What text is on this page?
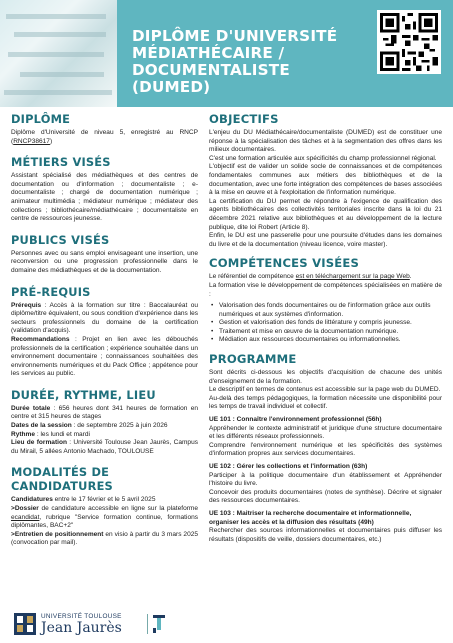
DIPLÔME D'UNIVERSITÉ MÉDIATHÉCAIRE / DOCUMENTALISTE (DUMED)
DIPLÔME

Diplôme d'Université de niveau 5, enregistré au RNCP (RNCP38617)

MÉTIERS VISÉS

Assistant spécialisé des médiathèques et des centres de documentation ou d'information ; documentaliste ; e-documentaliste ; chargé de documentation numérique ; animateur multimédia ; médiateur numérique ; médiateur des collections ; bibliothécaire/médiathécaire ; documentaliste en centre de ressources jeunesse.

PUBLICS VISÉS

Personnes avec ou sans emploi envisageant une insertion, une reconversion ou une progression professionnelle dans le domaine des médiathèques et de la documentation.

PRÉ-REQUIS

Prérequis : Accès à la formation sur titre : Baccalauréat ou diplôme/titre équivalent, ou sous condition d'expérience dans les secteurs professionnels du domaine de la certification (validation d'acquis).

Recommandations : Projet en lien avec les débouchés professionnels de la certification ; expérience souhaitée dans un environnement documentaire ; connaissances souhaitées des environnements numériques et du Pack Office ; appétence pour les services au public.

DURÉE, RYTHME, LIEU

Durée totale : 656 heures dont 341 heures de formation en centre et 315 heures de stages

Dates de la session : de septembre 2025 à juin 2026

Rythme : les lundi et mardi

Lieu de formation : Université Toulouse Jean Jaurès, Campus du Mirail, 5 allées Antonio Machado, TOULOUSE

MODALITÉS DE CANDIDATURES

Candidatures entre le 17 février et le 5 avril 2025

>Dossier de candidature accessible en ligne sur la plateforme ecandidat, rubrique "Service formation continue, formations diplômantes, BAC+2"

>Entretien de positionnement en visio à partir du 3 mars 2025 (convocation par mail).

OBJECTIFS

L'enjeu du DU Médiathécaire/documentaliste (DUMED) est de constituer une réponse à la spécialisation des tâches et à la segmentation des offres dans les milieux documentaires.

C'est une formation articulée aux spécificités du champ professionnel régional.

L'objectif est de valider un solide socle de connaissances et de compétences fondamentales communes aux métiers des bibliothèques et de la documentation, avec une forte intégration des compétences de bases associées à la mise en œuvre et à l'exploitation de l'information numérique.

La certification du DU permet de répondre à l'exigence de qualification des agents bibliothécaires des collectivités territoriales inscrite dans la loi du 21 décembre 2021 relative aux bibliothèques et au développement de la lecture publique, dite loi Robert (Article 8).

Enfin, le DU est une passerelle pour une poursuite d'études dans les domaines du livre et de la documentation (niveau licence, voire master).

COMPÉTENCES VISÉES

Le référentiel de compétence est en téléchargement sur la page Web.

La formation vise le développement de compétences spécialisées en matière de :

• Valorisation des fonds documentaires ou de l'information grâce aux outils numériques et aux systèmes d'information.
• Gestion et valorisation des fonds de littérature y compris jeunesse.
• Traitement et mise en œuvre de la documentation numérique.
• Médiation aux ressources documentaires ou informationnelles.
PROGRAMME

Sont décrits ci-dessous les objectifs d'acquisition de chacune des unités d'enseignement de la formation.

Le descriptif en termes de contenus est accessible sur la page web du DUMED.

Au-delà des temps pédagogiques, la formation nécessite une disponibilité pour les temps de travail individuel et collectif.

UE 101 : Connaître l'environnement professionnel (56h)

Appréhender le contexte administratif et juridique d'une structure documentaire et les différents réseaux professionnels.

Comprendre l'environnement numérique et les spécificités des systèmes d'information propres aux services documentaires.

UE 102 : Gérer les collections et l'information (63h)

Participer à la politique documentaire d'un établissement et Appréhender l'histoire du livre.

Concevoir des produits documentaires (notes de synthèse). Décrire et signaler des ressources documentaires.

UE 103 : Maitriser la recherche documentaire et informationnelle, organiser les accès et la diffusion des résultats (49h)

Rechercher des sources informationnelles et documentaires puis diffuser les résultats (dispositifs de veille, dossiers documentaires, etc.)

UNIVERSITÉ TOULOUSE
Jean Jaurès
